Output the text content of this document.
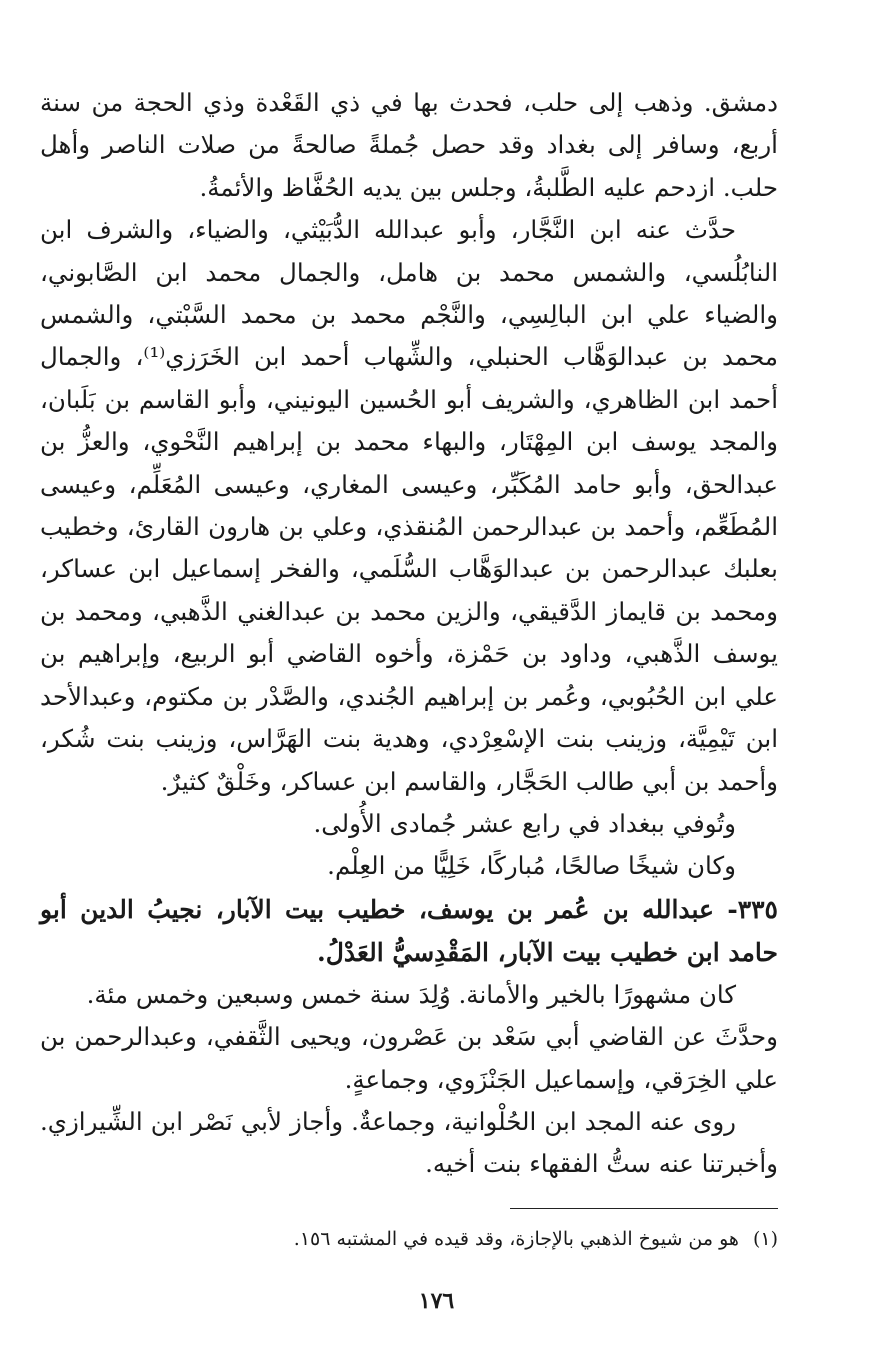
دمشق. وذهب إلى حلب، فحدث بها في ذي القَعْدة وذي الحجة من سنة أربع، وسافر إلى بغداد وقد حصل جُملةً صالحةً من صلات الناصر وأهل حلب. ازدحم عليه الطَّلبةُ، وجلس بين يديه الحُفَّاظ والأئمةُ.

حدَّث عنه ابن النَّجَّار، وأبو عبدالله الدُّبَيْثي، والضياء، والشرف ابن النابُلُسي، والشمس محمد بن هامل، والجمال محمد ابن الصَّابوني، والضياء علي ابن البالِسِي، والنَّجْم محمد بن محمد السَّبْتي، والشمس محمد بن عبدالوَهَّاب الحنبلي، والشِّهاب أحمد ابن الخَرَزي⁽¹⁾، والجمال أحمد ابن الظاهري، والشريف أبو الحُسين اليونيني، وأبو القاسم بن بَلَبان، والمجد يوسف ابن المِهْتَار، والبهاء محمد بن إبراهيم النَّحْوي، والعزُّ بن عبدالحق، وأبو حامد المُكَبِّر، وعيسى المغاري، وعيسى المُعَلِّم، وعيسى المُطَعِّم، وأحمد بن عبدالرحمن المُنقذي، وعلي بن هارون القارئ، وخطيب بعلبك عبدالرحمن بن عبدالوَهَّاب السُّلَمي، والفخر إسماعيل ابن عساكر، ومحمد بن قايماز الدَّقيقي، والزين محمد بن عبدالغني الذَّهبي، ومحمد بن يوسف الذَّهبي، وداود بن حَمْزة، وأخوه القاضي أبو الربيع، وإبراهيم بن علي ابن الحُبُوبي، وعُمر بن إبراهيم الجُندي، والصَّدْر بن مكتوم، وعبدالأحد ابن تَيْمِيَّة، وزينب بنت الإسْعِرْدي، وهدية بنت الهَرَّاس، وزينب بنت شُكر، وأحمد بن أبي طالب الحَجَّار، والقاسم ابن عساكر، وخَلْقٌ كثيرٌ.

وتُوفي ببغداد في رابع عشر جُمادى الأُولى.

وكان شيخًا صالحًا، مُباركًا، خَلِيًّا من العِلْم.

٣٣٥- عبدالله بن عُمر بن يوسف، خطيب بيت الآبار، نجيبُ الدين أبو حامد ابن خطيب بيت الآبار، المَقْدِسيُّ العَدْلُ.

كان مشهورًا بالخير والأمانة. وُلِدَ سنة خمس وسبعين وخمس مئة.

وحدَّثَ عن القاضي أبي سَعْد بن عَصْرون، ويحيى الثَّقفي، وعبدالرحمن بن علي الخِرَقي، وإسماعيل الجَنْزَوي، وجماعةٍ.

روى عنه المجد ابن الحُلْوانية، وجماعةٌ. وأجاز لأبي نَصْر ابن الشِّيرازي. وأخبرتنا عنه ستُّ الفقهاء بنت أخيه.

(١)هو من شيوخ الذهبي بالإجازة، وقد قيده في المشتبه ١٥٦.
١٧٦
